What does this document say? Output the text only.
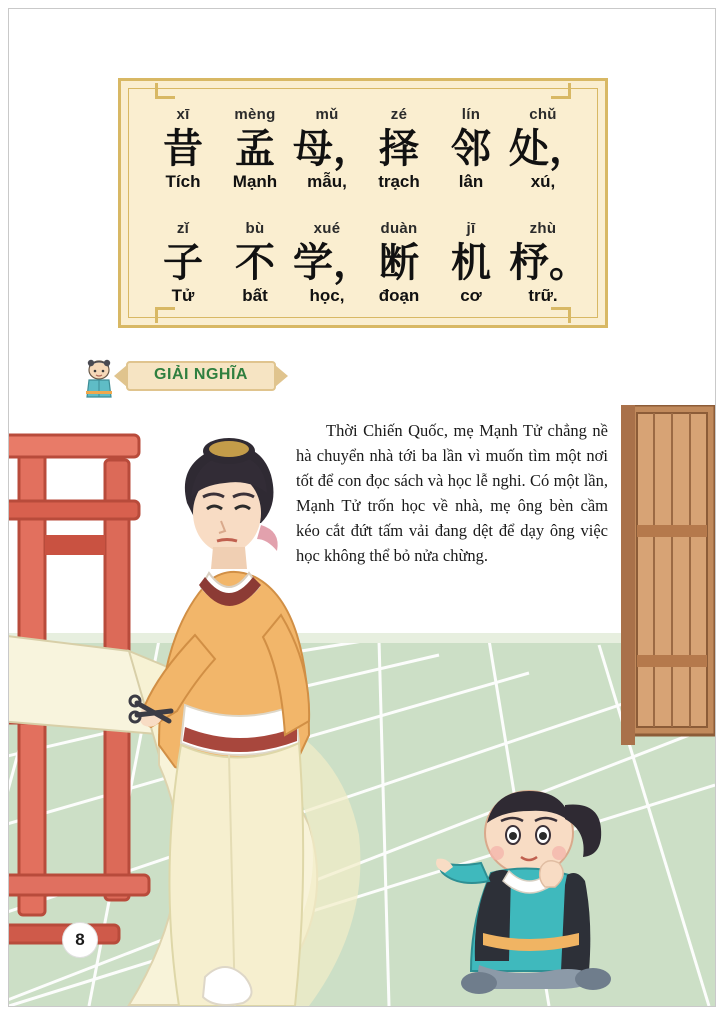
xī
昔
Tích
mèng
孟
Mạnh
mǔ
母，
mẫu,
zé
择
trạch
lín
邻
lân
chǔ
处，
xú,
zǐ
子
Tử
bù
不
bất
xué
学，
học,
duàn
断
đoạn
jī
机
cơ
zhù
杼。
trữ.
GIẢI NGHĨA
Thời Chiến Quốc, mẹ Mạnh Tử chẳng nề hà chuyển nhà tới ba lần vì muốn tìm một nơi tốt để con đọc sách và học lễ nghi. Có một lần, Mạnh Tử trốn học về nhà, mẹ ông bèn cầm kéo cắt đứt tấm vải đang dệt để dạy ông việc học không thể bỏ nửa chừng.
8
